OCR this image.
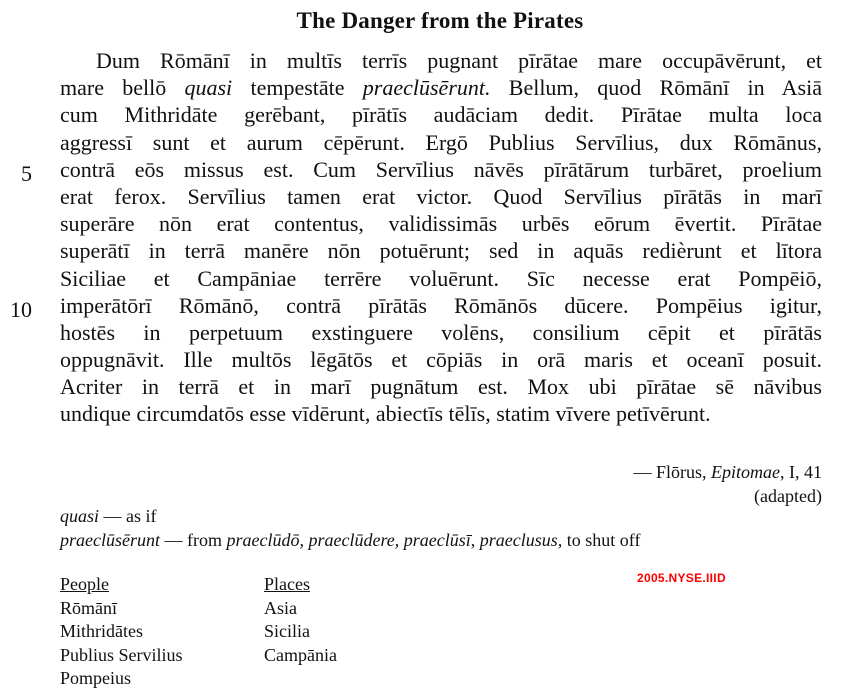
The Danger from the Pirates
5
10
Dum Rōmānī in multīs terrīs pugnant pīrātae mare occupāvērunt, et
mare bellō quasi tempestāte praeclūsērunt. Bellum, quod Rōmānī in Asiā
cum Mithridāte gerēbant, pīrātīs audāciam dedit. Pīrātae multa loca
aggressī sunt et aurum cēpērunt. Ergō Publius Servīlius, dux Rōmānus,
contrā eōs missus est. Cum Servīlius nāvēs pīrātārum turbāret, proelium
erat ferox. Servīlius tamen erat victor. Quod Servīlius pīrātās in marī
superāre nōn erat contentus, validissimās urbēs eōrum ēvertit. Pīrātae
superātī in terrā manēre nōn potuērunt; sed in aquās redièrunt et lītora
Siciliae et Campāniae terrēre voluērunt. Sīc necesse erat Pompēiō,
imperātōrī Rōmānō, contrā pīrātās Rōmānōs dūcere. Pompēius igitur,
hostēs in perpetuum exstinguere volēns, consilium cēpit et pīrātās
oppugnāvit. Ille multōs lēgātōs et cōpiās in orā maris et oceanī posuit.
Acriter in terrā et in marī pugnātum est. Mox ubi pīrātae sē nāvibus
undique circumdatōs esse vīdērunt, abiectīs tēlīs, statim vīvere petīvērunt.
— Flōrus, Epitomae, I, 41
(adapted)
quasi — as if
praeclūsērunt — from praeclūdō, praeclūdere, praeclūsī, praeclusus, to shut off
People
Rōmānī
Mithridātes
Publius Servilius
Pompeius
Places
Asia
Sicilia
Campānia
2005.NYSE.IIID
